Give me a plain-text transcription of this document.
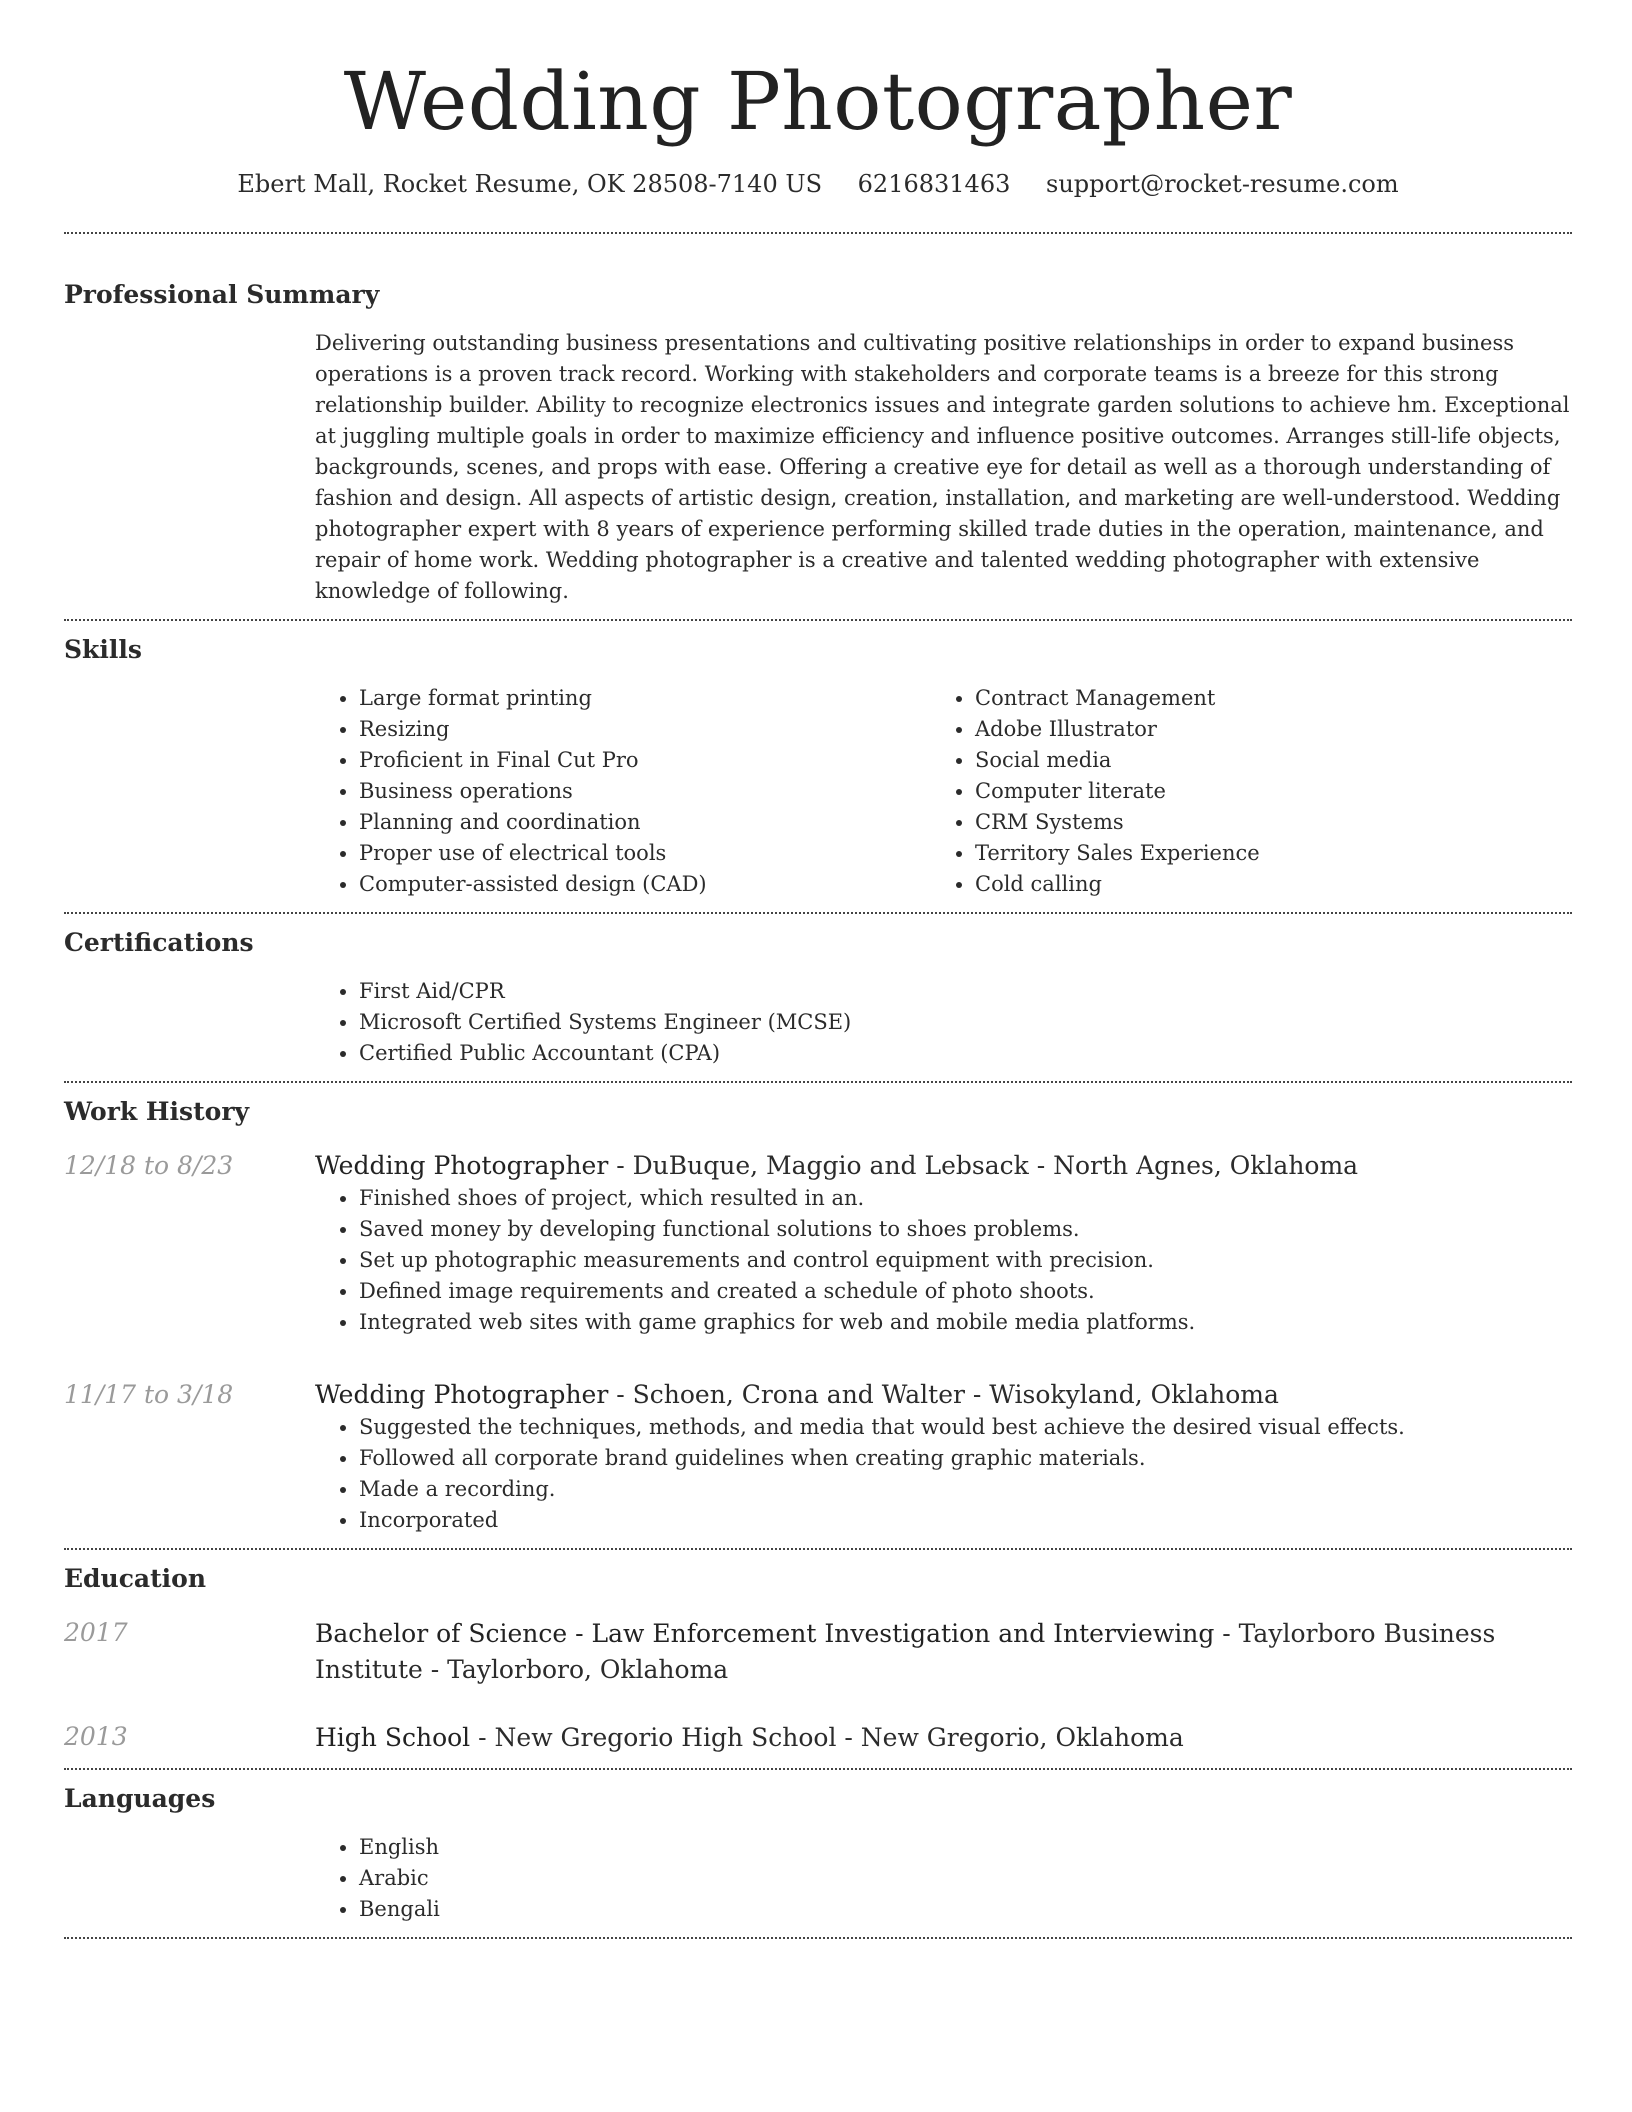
Wedding Photographer
Ebert Mall, Rocket Resume, OK 28508-7140 US 6216831463 support@rocket-resume.com
Professional Summary
Delivering outstanding business presentations and cultivating positive relationships in order to expand business operations is a proven track record. Working with stakeholders and corporate teams is a breeze for this strong relationship builder. Ability to recognize electronics issues and integrate garden solutions to achieve hm. Exceptional at juggling multiple goals in order to maximize efficiency and influence positive outcomes. Arranges still-life objects, backgrounds, scenes, and props with ease. Offering a creative eye for detail as well as a thorough understanding of fashion and design. All aspects of artistic design, creation, installation, and marketing are well-understood. Wedding photographer expert with 8 years of experience performing skilled trade duties in the operation, maintenance, and repair of home work. Wedding photographer is a creative and talented wedding photographer with extensive knowledge of following.
Skills
• Large format printing
• Resizing
• Proficient in Final Cut Pro
• Business operations
• Planning and coordination
• Proper use of electrical tools
• Computer-assisted design (CAD)
• Contract Management
• Adobe Illustrator
• Social media
• Computer literate
• CRM Systems
• Territory Sales Experience
• Cold calling
Certifications
• First Aid/CPR
• Microsoft Certified Systems Engineer (MCSE)
• Certified Public Accountant (CPA)
Work History
12/18 to 8/23	Wedding Photographer - DuBuque, Maggio and Lebsack - North Agnes, Oklahoma
• Finished shoes of project, which resulted in an.
• Saved money by developing functional solutions to shoes problems.
• Set up photographic measurements and control equipment with precision.
• Defined image requirements and created a schedule of photo shoots.
• Integrated web sites with game graphics for web and mobile media platforms.
11/17 to 3/18	Wedding Photographer - Schoen, Crona and Walter - Wisokyland, Oklahoma
• Suggested the techniques, methods, and media that would best achieve the desired visual effects.
• Followed all corporate brand guidelines when creating graphic materials.
• Made a recording.
• Incorporated
Education
2017	Bachelor of Science - Law Enforcement Investigation and Interviewing - Taylorboro Business Institute - Taylorboro, Oklahoma
2013	High School - New Gregorio High School - New Gregorio, Oklahoma
Languages
• English
• Arabic
• Bengali
